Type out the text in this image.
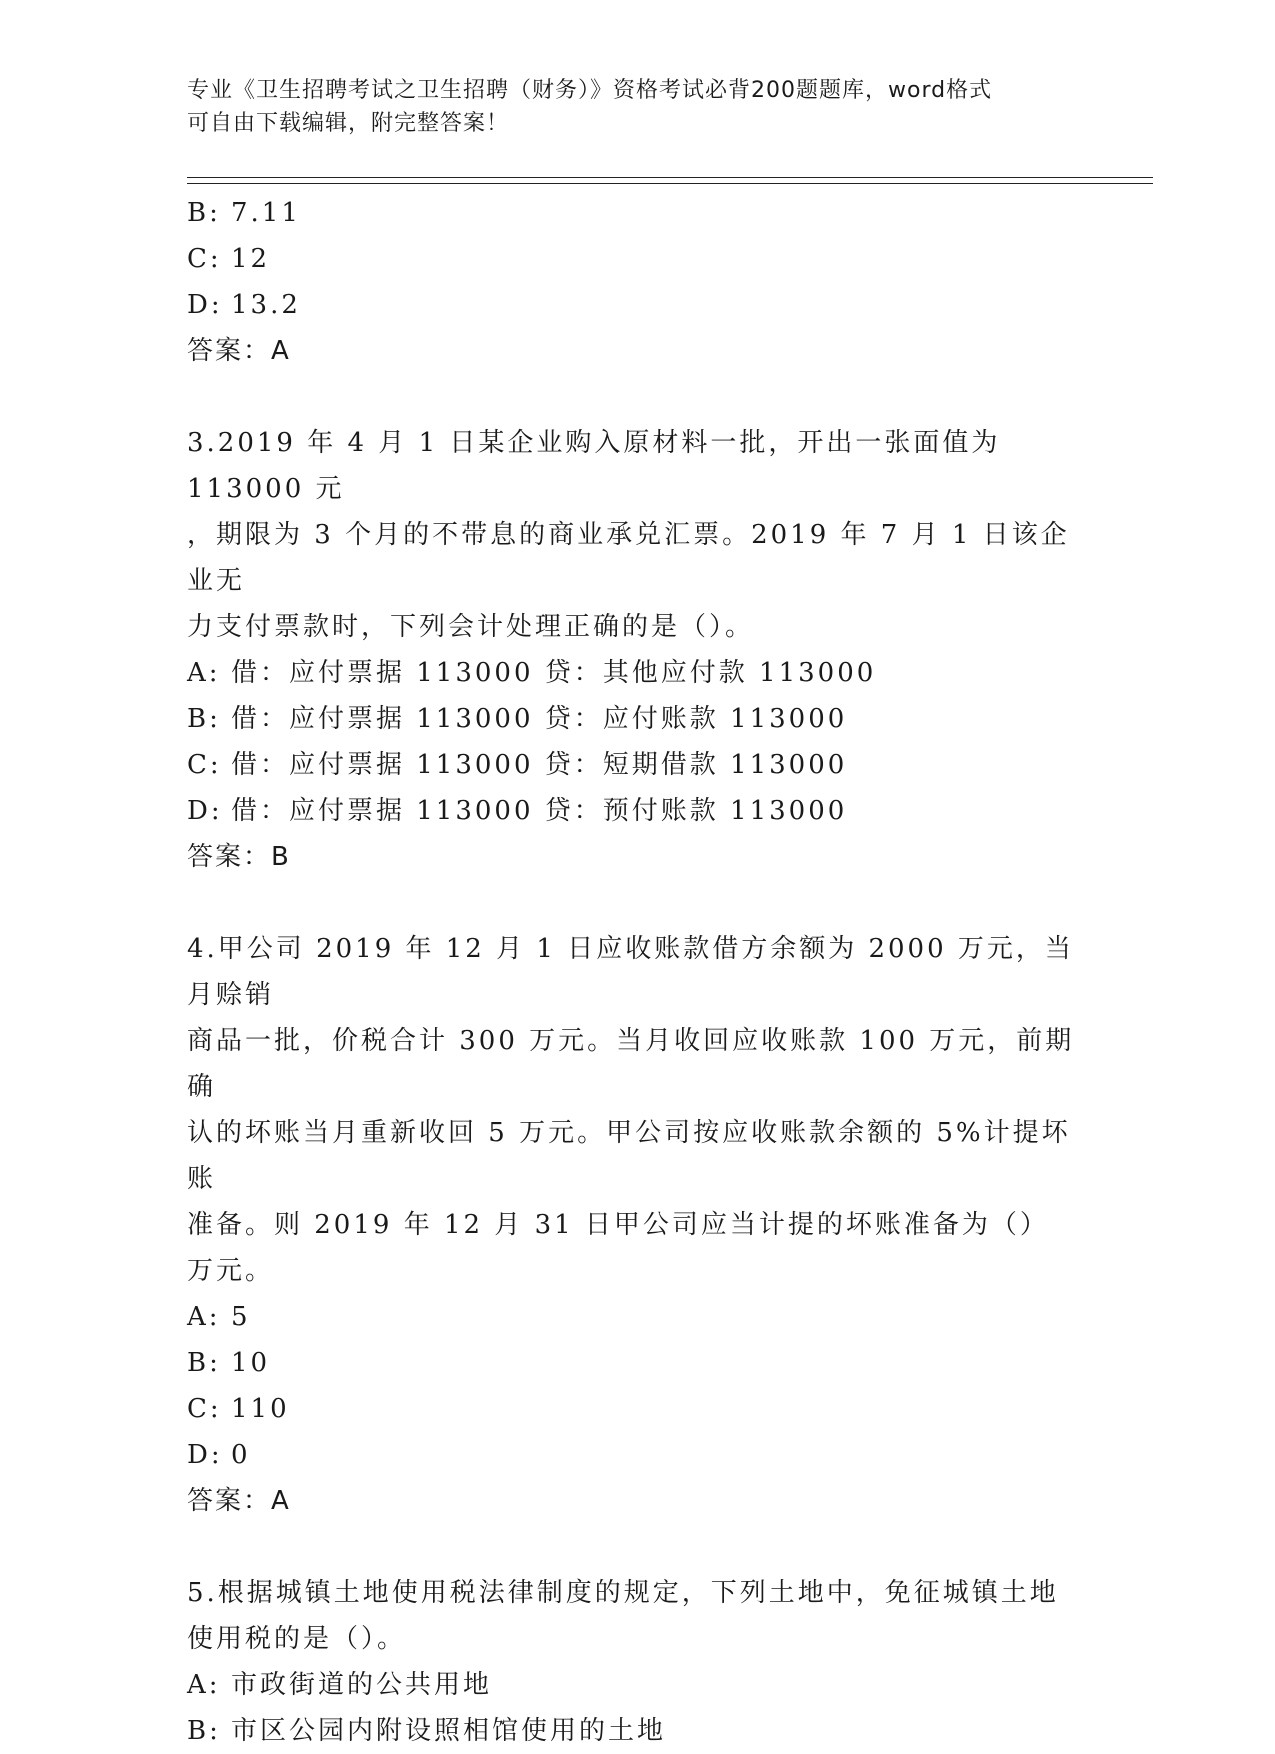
专业《卫生招聘考试之卫生招聘（财务）》资格考试必背200题题库，word格式
可自由下载编辑，附完整答案！
B: 7.11
C: 12
D: 13.2
答案：A
3.2019 年 4 月 1 日某企业购入原材料一批，开出一张面值为 113000 元
，期限为 3 个月的不带息的商业承兑汇票。2019 年 7 月 1 日该企业无
力支付票款时，下列会计处理正确的是（）。
A: 借：应付票据 113000 贷：其他应付款 113000
B: 借：应付票据 113000 贷：应付账款 113000
C: 借：应付票据 113000 贷：短期借款 113000
D: 借：应付票据 113000 贷：预付账款 113000
答案：B
4.甲公司 2019 年 12 月 1 日应收账款借方余额为 2000 万元，当月赊销
商品一批，价税合计 300 万元。当月收回应收账款 100 万元，前期确
认的坏账当月重新收回 5 万元。甲公司按应收账款余额的 5%计提坏账
准备。则 2019 年 12 月 31 日甲公司应当计提的坏账准备为（）万元。
A: 5
B: 10
C: 110
D: 0
答案：A
5.根据城镇土地使用税法律制度的规定，下列土地中，免征城镇土地
使用税的是（）。
A: 市政街道的公共用地
B: 市区公园内附设照相馆使用的土地
